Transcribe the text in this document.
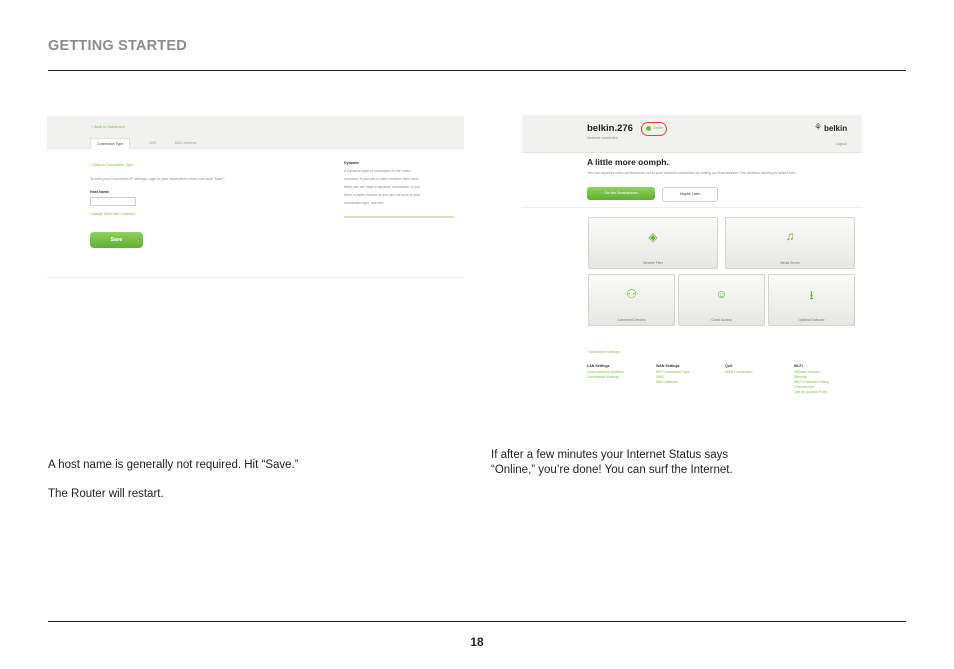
GETTING STARTED
< Back to Dashboard
Connection Type	DNS	MAC Address
< Back to Connection Type
To start your Connection IP settings, login to your Information below and click "Save".
Host Name
Change WAN MAC Address
Save
Dynamic
A Dynamic type of connection is the most
common. If you use a cable modem, then most
likely you will have a dynamic connection. If you
have a cable modem or you are not sure of your
connection type, use this.
A host name is generally not required. Hit “Save.”
The Router will restart.
belkin.276
Network connected
Online	⚘ belkin
Logout
A little more oomph.
You can squeeze more performance out of your network connection by setting up Smartstream. The wireless banding is added free.
Get the Smartstream	Maybe Later
◈
Website Filter
♫
Media Server
⚇
Connected Devices
☺
Guest Access
⭳
Optional Software
+ Advanced Settings
LAN Settings
Local Network Address
Connection Sharing
WAN Settings
ISP Connection Type
DNS
MAC Address
QoS
WAN Connection
Wi-Fi
Network Names
Security
Wi-Fi Protected Setup
Channel Info
Use as Access Point
If after a few minutes your Internet Status says
“Online,” you’re done! You can surf the Internet.
18
